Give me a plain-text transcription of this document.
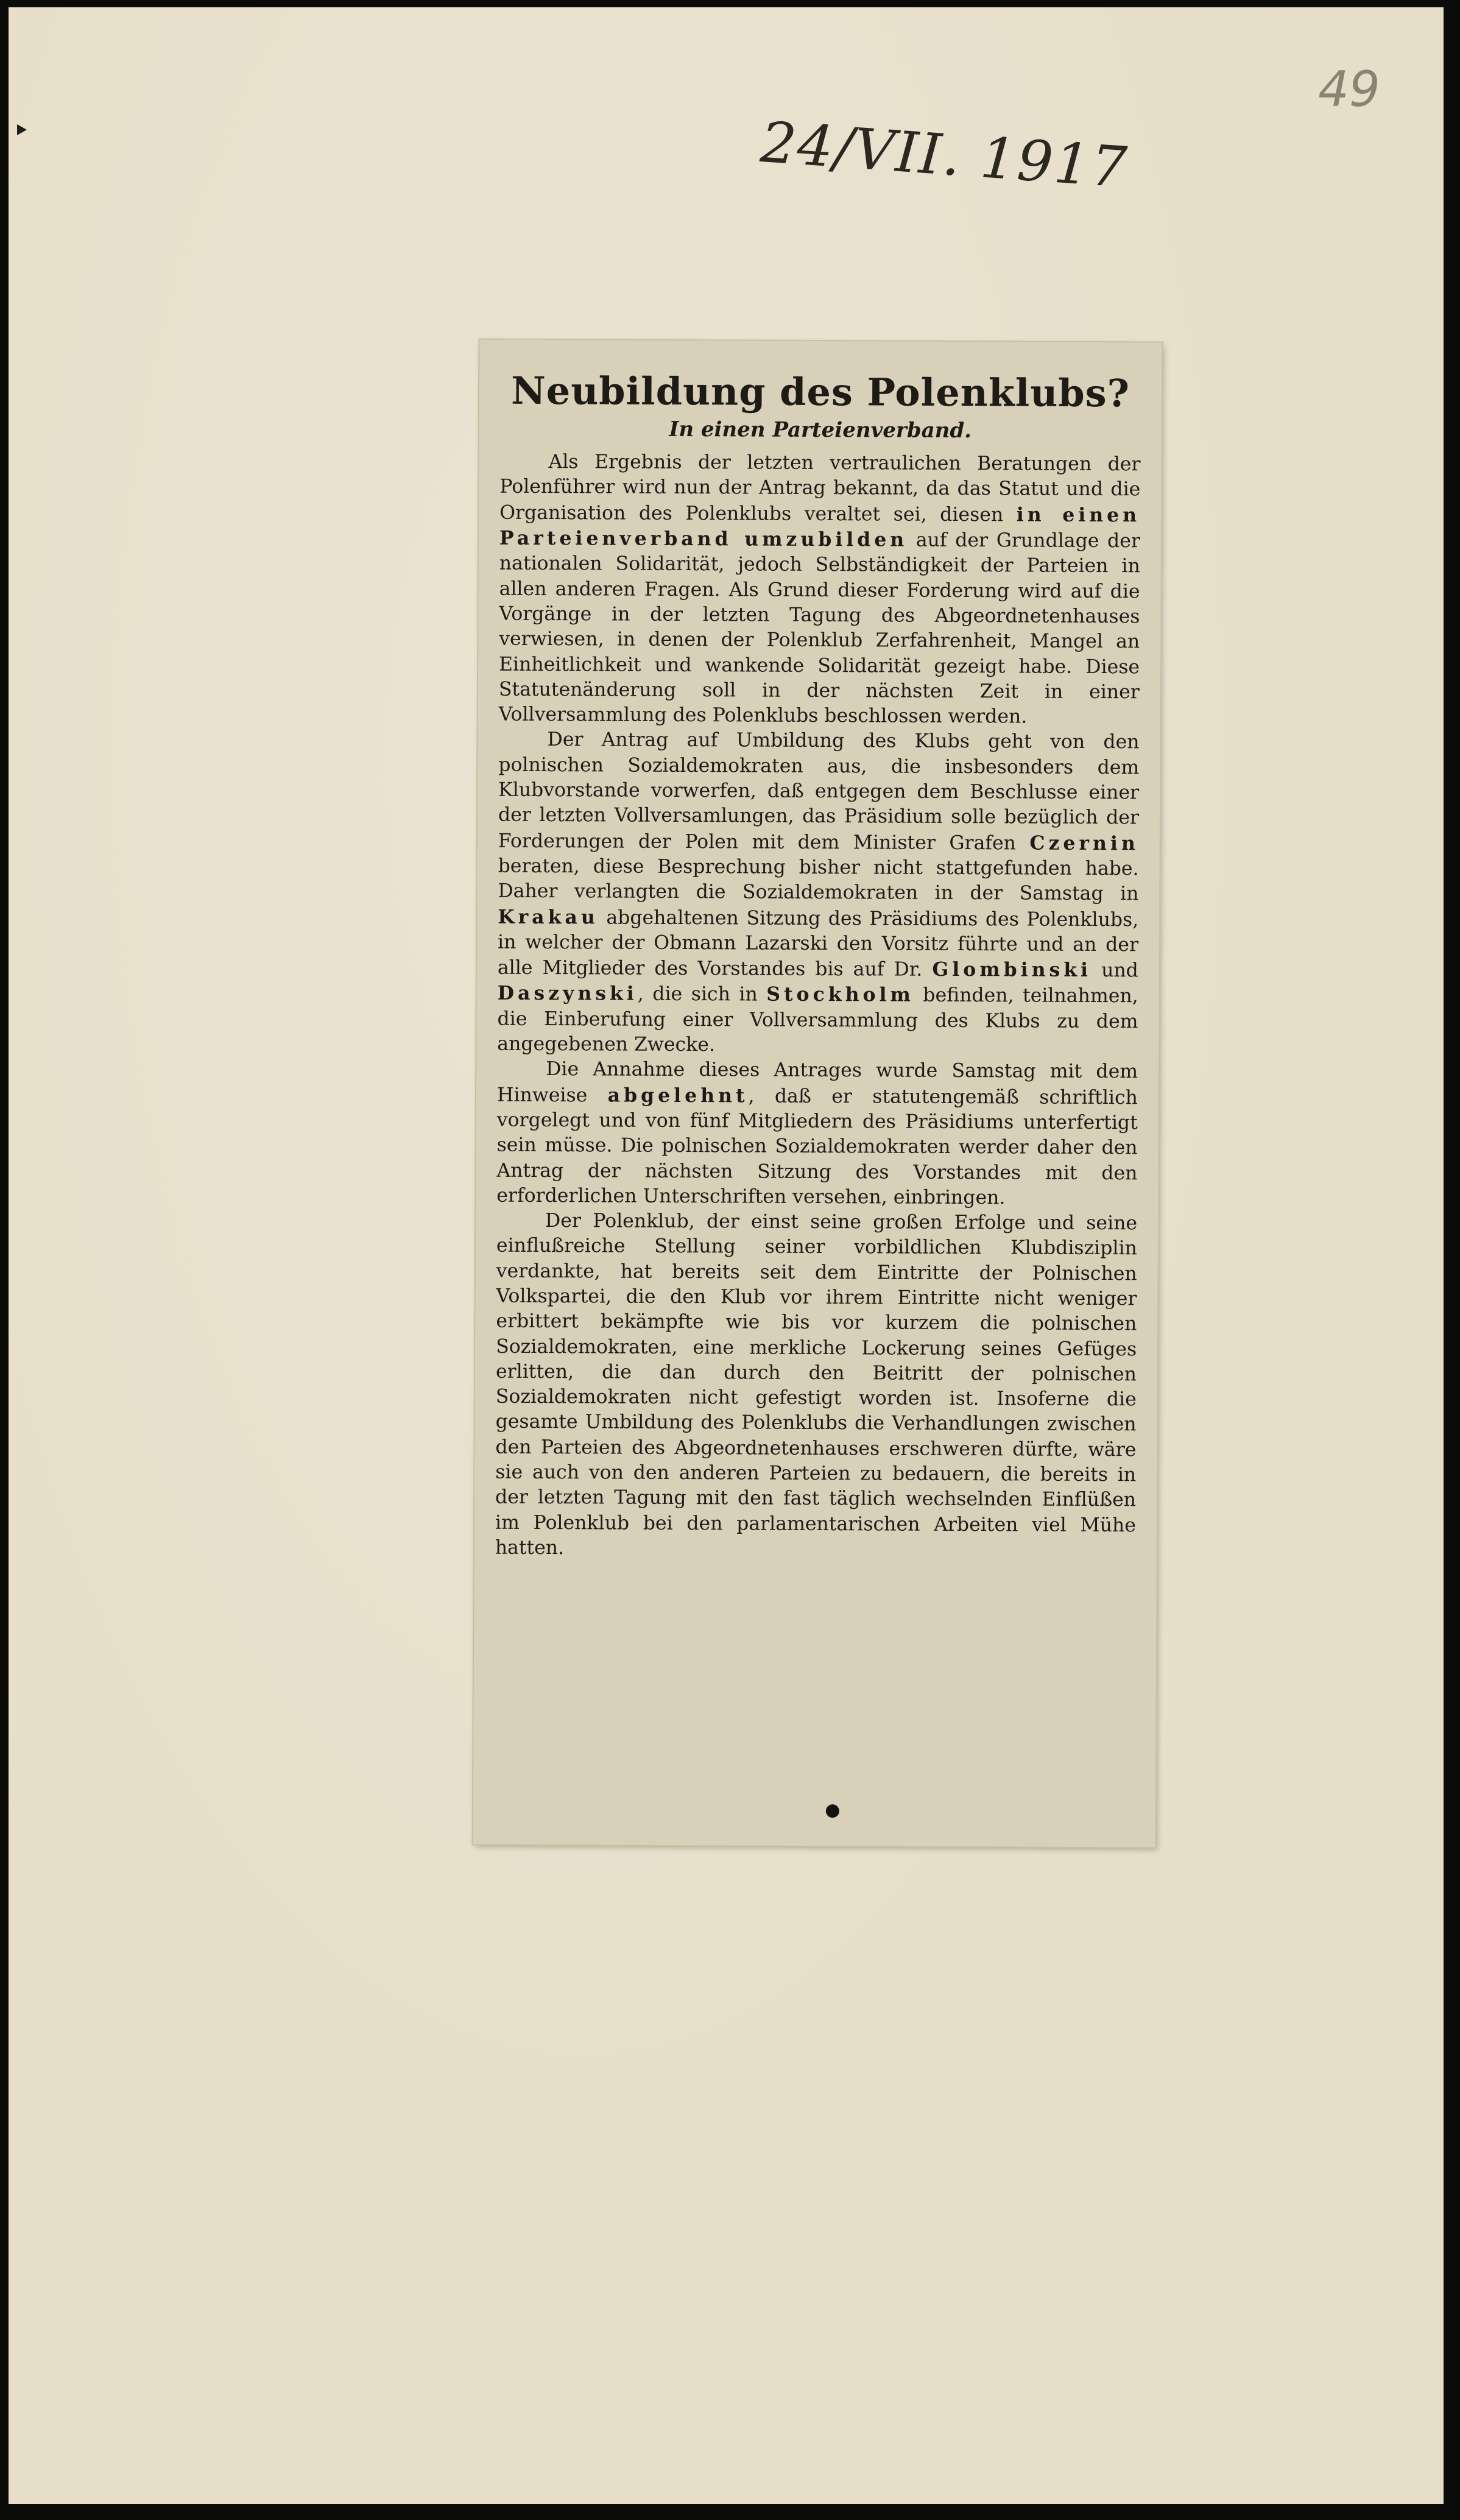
49
24/VII. 1917
Neubildung des Polenklubs?
In einen Parteienverband.

Als Ergebnis der letzten vertraulichen Beratungen der Polenführer wird nun der Antrag bekannt, da das Statut und die Organisation des Polenklubs veraltet sei, diesen in einen Parteienverband umzubilden auf der Grundlage der nationalen Solidarität, jedoch Selbständigkeit der Parteien in allen anderen Fragen. Als Grund dieser Forderung wird auf die Vorgänge in der letzten Tagung des Abgeordnetenhauses verwiesen, in denen der Polenklub Zerfahrenheit, Mangel an Einheitlichkeit und wankende Solidarität gezeigt habe. Diese Statutenänderung soll in der nächsten Zeit in einer Vollversammlung des Polenklubs beschlossen werden.

Der Antrag auf Umbildung des Klubs geht von den polnischen Sozialdemokraten aus, die insbesonders dem Klubvorstande vorwerfen, daß entgegen dem Beschlusse einer der letzten Vollversamlungen, das Präsidium solle bezüglich der Forderungen der Polen mit dem Minister Grafen Czernin beraten, diese Besprechung bisher nicht stattgefunden habe. Daher verlangten die Sozialdemokraten in der Samstag in Krakau abgehaltenen Sitzung des Präsidiums des Polenklubs, in welcher der Obmann Lazarski den Vorsitz führte und an der alle Mitglieder des Vorstandes bis auf Dr. Glombinski und Daszynski, die sich in Stockholm befinden, teilnahmen, die Einberufung einer Vollversammlung des Klubs zu dem angegebenen Zwecke.

Die Annahme dieses Antrages wurde Samstag mit dem Hinweise abgelehnt, daß er statutengemäß schriftlich vorgelegt und von fünf Mitgliedern des Präsidiums unterfertigt sein müsse. Die polnischen Sozialdemokraten werder daher den Antrag der nächsten Sitzung des Vorstandes mit den erforderlichen Unterschriften versehen, einbringen.

Der Polenklub, der einst seine großen Erfolge und seine einflußreiche Stellung seiner vorbildlichen Klubdisziplin verdankte, hat bereits seit dem Eintritte der Polnischen Volkspartei, die den Klub vor ihrem Eintritte nicht weniger erbittert bekämpfte wie bis vor kurzem die polnischen Sozialdemokraten, eine merkliche Lockerung seines Gefüges erlitten, die dan durch den Beitritt der polnischen Sozialdemokraten nicht gefestigt worden ist. Insoferne die gesamte Umbildung des Polenklubs die Verhandlungen zwischen den Parteien des Abgeordnetenhauses erschweren dürfte, wäre sie auch von den anderen Parteien zu bedauern, die bereits in der letzten Tagung mit den fast täglich wechselnden Einflüßen im Polenklub bei den parlamentarischen Arbeiten viel Mühe hatten.
